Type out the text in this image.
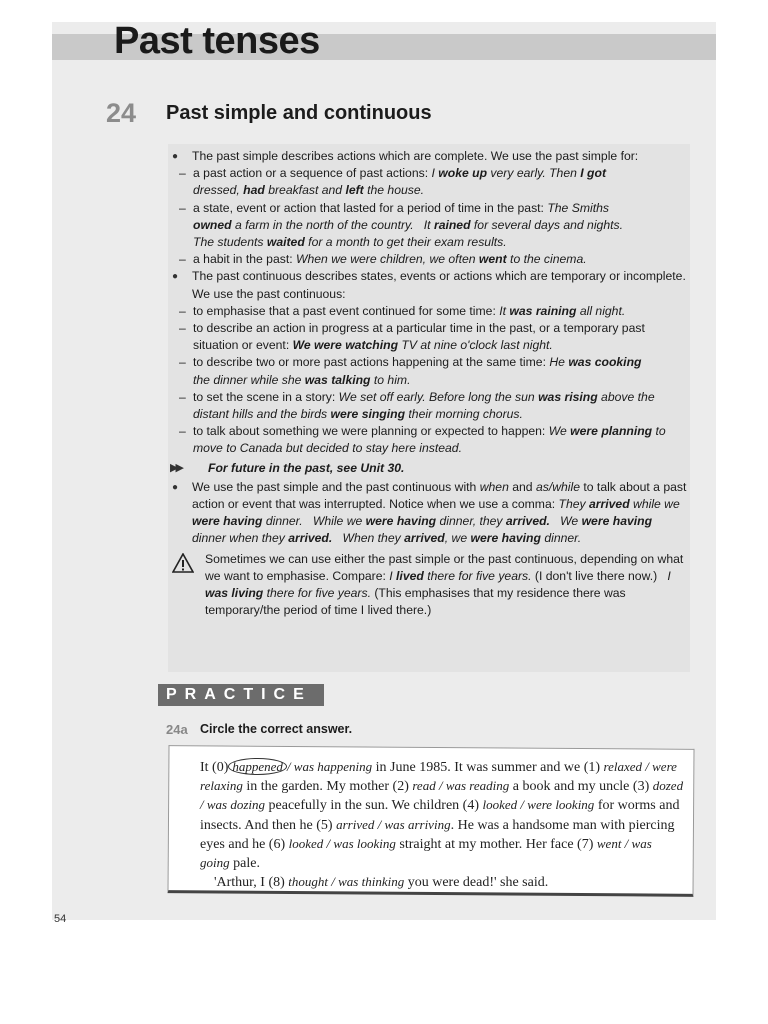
Past tenses
24 Past simple and continuous

● The past simple describes actions which are complete. We use the past simple for:

– a past action or a sequence of past actions: I woke up very early. Then I got
dressed, had breakfast and left the house.

– a state, event or action that lasted for a period of time in the past: The Smiths
owned a farm in the north of the country. It rained for several days and nights.
The students waited for a month to get their exam results.

– a habit in the past: When we were children, we often went to the cinema.

● The past continuous describes states, events or actions which are temporary or incomplete. We use the past continuous:

– to emphasise that a past event continued for some time: It was raining all night.

– to describe an action in progress at a particular time in the past, or a temporary past situation or event: We were watching TV at nine o'clock last night.

– to describe two or more past actions happening at the same time: He was cooking
the dinner while she was talking to him.

– to set the scene in a story: We set off early. Before long the sun was rising above the distant hills and the birds were singing their morning chorus.

– to talk about something we were planning or expected to happen: We were planning to move to Canada but decided to stay here instead.

▶▶ For future in the past, see Unit 30.

● We use the past simple and the past continuous with when and as/while to talk about a past action or event that was interrupted. Notice when we use a comma: They arrived while we were having dinner. While we were having dinner, they arrived. We were having dinner when they arrived. When they arrived, we were having dinner.

Sometimes we can use either the past simple or the past continuous, depending on what we want to emphasise. Compare: I lived there for five years. (I don't live there now.) I was living there for five years. (This emphasises that my residence there was temporary/the period of time I lived there.)

PRACTICE
24a Circle the correct answer.
It (0) happened / was happening in June 1985. It was summer and we (1) relaxed / were relaxing in the garden. My mother (2) read / was reading a book and my uncle (3) dozed / was dozing peacefully in the sun. We children (4) looked / were looking for worms and insects. And then he (5) arrived / was arriving. He was a handsome man with piercing eyes and he (6) looked / was looking straight at my mother. Her face (7) went / was going pale.
'Arthur, I (8) thought / was thinking you were dead!' she said.
54
